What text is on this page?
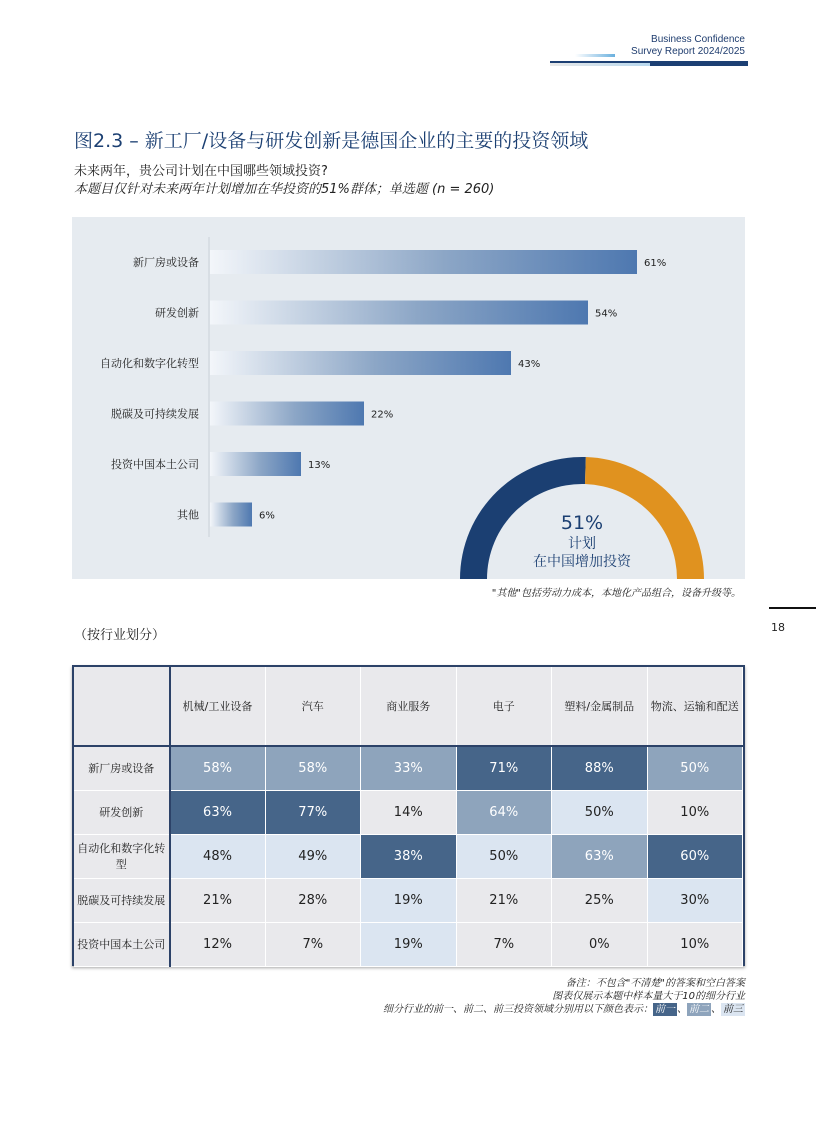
Business Confidence
Survey Report 2024/2025
图2.3 – 新工厂/设备与研发创新是德国企业的主要的投资领域
未来两年，贵公司计划在中国哪些领域投资?
本题目仅针对未来两年计划增加在华投资的51%群体；单选题 (n = 260)
新厂房或设备	61%
研发创新	54%
自动化和数字化转型	43%
脱碳及可持续发展	22%
投资中国本土公司	13%
其他	6%	51%
计划
在中国增加投资
"其他"包括劳动力成本，本地化产品组合，设备升级等。
18
（按行业划分）
	机械/工业设备	汽车	商业服务	电子	塑料/金属制品	物流、运输和配送
新厂房或设备	58%	58%	33%	71%	88%	50%
研发创新	63%	77%	14%	64%	50%	10%
自动化和数字化转型	48%	49%	38%	50%	63%	60%
脱碳及可持续发展	21%	28%	19%	21%	25%	30%
投资中国本土公司	12%	7%	19%	7%	0%	10%
备注：不包含"不清楚"的答案和空白答案
图表仅展示本题中样本量大于10的细分行业
细分行业的前一、前二、前三投资领域分别用以下颜色表示： 前一 、 前二 、 前三
